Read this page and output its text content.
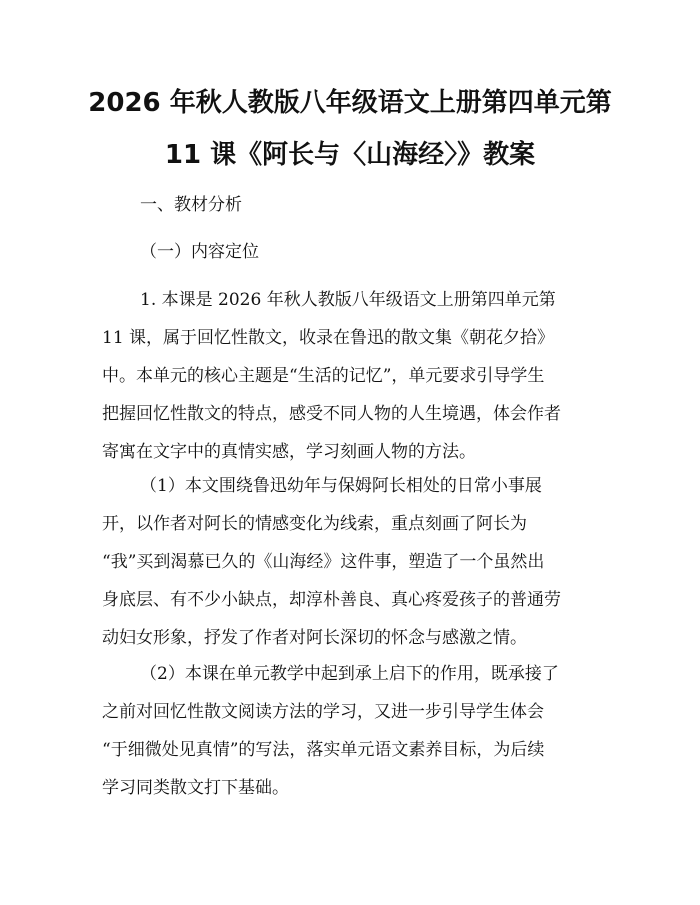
2026 年秋人教版八年级语文上册第四单元第
11 课《阿长与〈山海经〉》教案
一、教材分析
（一）内容定位

1. 本课是 2026 年秋人教版八年级语文上册第四单元第
11 课，属于回忆性散文，收录在鲁迅的散文集《朝花夕拾》
中。本单元的核心主题是“生活的记忆”，单元要求引导学生
把握回忆性散文的特点，感受不同人物的人生境遇，体会作者
寄寓在文字中的真情实感，学习刻画人物的方法。

（1）本文围绕鲁迅幼年与保姆阿长相处的日常小事展
开，以作者对阿长的情感变化为线索，重点刻画了阿长为
“我”买到渴慕已久的《山海经》这件事，塑造了一个虽然出
身底层、有不少小缺点，却淳朴善良、真心疼爱孩子的普通劳
动妇女形象，抒发了作者对阿长深切的怀念与感激之情。

（2）本课在单元教学中起到承上启下的作用，既承接了
之前对回忆性散文阅读方法的学习，又进一步引导学生体会
“于细微处见真情”的写法，落实单元语文素养目标，为后续
学习同类散文打下基础。
